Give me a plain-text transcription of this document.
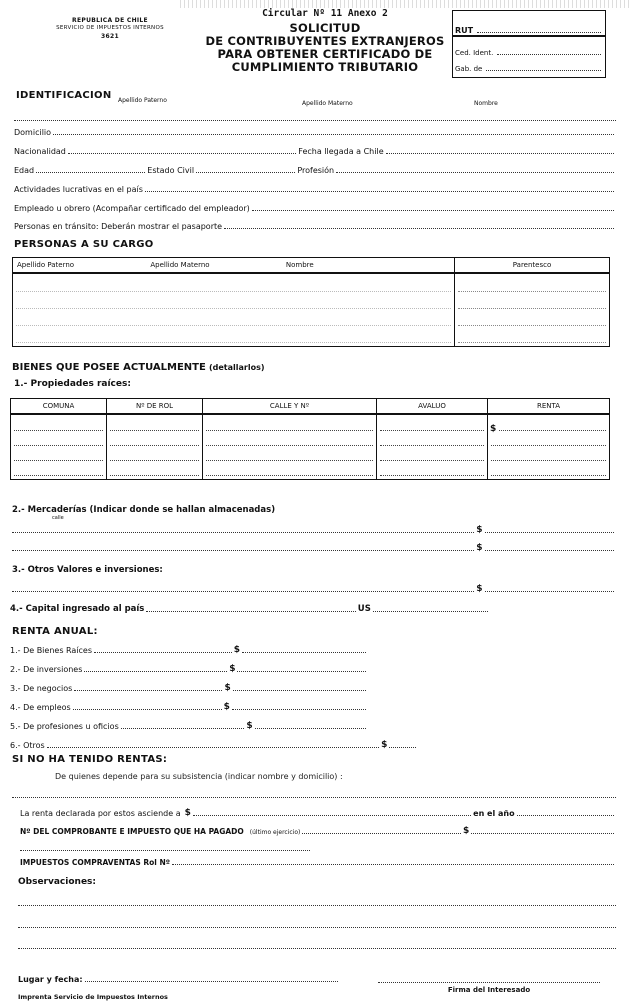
REPUBLICA DE CHILE
SERVICIO DE IMPUESTOS INTERNOS
3621
Circular Nº 11 Anexo 2
SOLICITUD
DE CONTRIBUYENTES EXTRANJEROS
PARA OBTENER CERTIFICADO DE
CUMPLIMIENTO TRIBUTARIO
RUT
Ced. Ident.
Gab. de
IDENTIFICACION Apellido Paterno	Apellido Materno	Nombre
Domicilio
Nacionalidad	Fecha llegada a Chile
Edad	Estado Civil	Profesión
Actividades lucrativas en el país
Empleado u obrero (Acompañar certificado del empleador)
Personas en tránsito: Deberán mostrar el pasaporte
PERSONAS A SU CARGO
Apellido Paterno Apellido Materno Nombre	Parentesco

BIENES QUE POSEE ACTUALMENTE (detallarlos)
1.- Propiedades raíces:
COMUNA	Nº DE ROL	CALLE Y Nº	AVALUO	RENTA

				$

2.- Mercaderías (Indicar donde se hallan almacenadas)
calle
$
$
3.- Otros Valores e inversiones:
$
4.- Capital ingresado al país	US
RENTA ANUAL:
1.- De Bienes Raíces	$
2.- De inversiones	$
3.- De negocios	$
4.- De empleos	$
5.- De profesiones u oficios	$
6.- Otros	$
SI NO HA TENIDO RENTAS:
De quienes depende para su subsistencia (indicar nombre y domicilio) :
La renta declarada por estos asciende a $	en el año
Nº DEL COMPROBANTE E IMPUESTO QUE HA PAGADO (último ejercicio)	$
IMPUESTOS COMPRAVENTAS Rol Nº
Observaciones:
Lugar y fecha:
Firma del Interesado
Imprenta Servicio de Impuestos Internos
